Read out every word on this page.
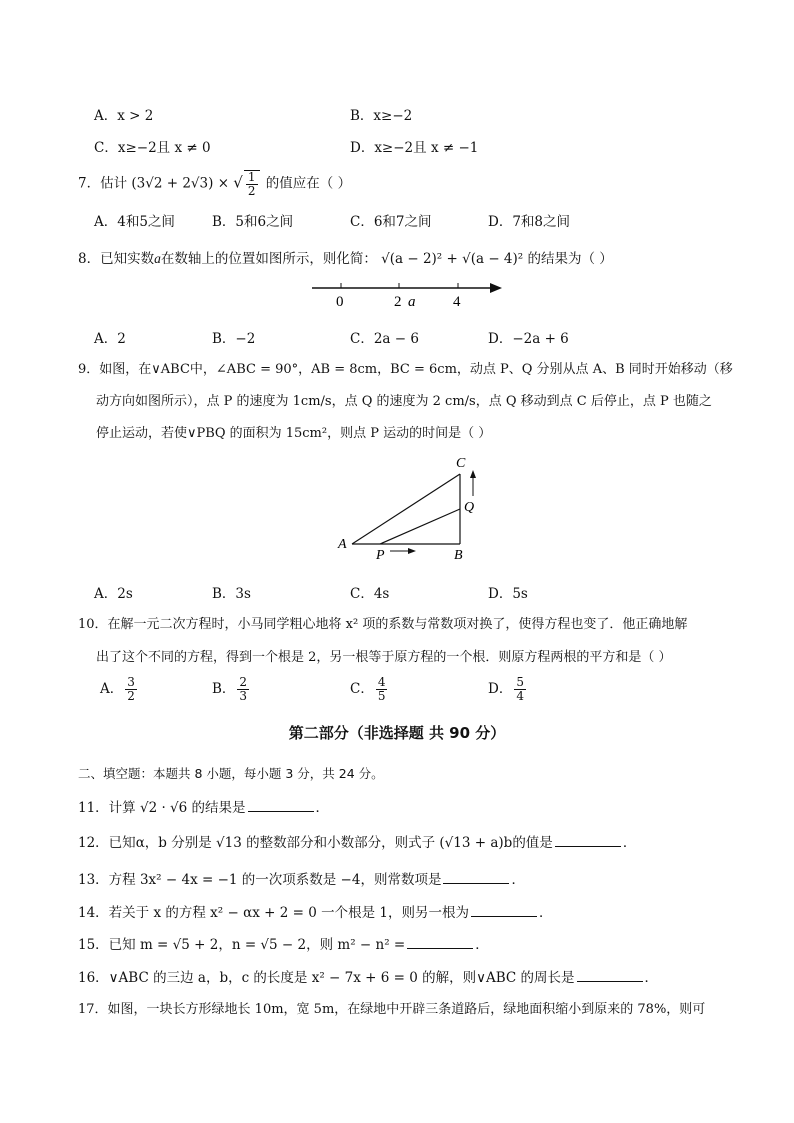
A．x > 2	B．x≥−2
C．x≥−2且 x ≠ 0	D．x≥−2且 x ≠ −1
7．估计 (3√2 + 2√3) × √ $\frac{1}{2}$ 的值应在（ ）
A．4和5之间	B．5和6之间	C．6和7之间	D．7和8之间
8．已知实数a在数轴上的位置如图所示，则化简： √(a − 2)² + √(a − 4)² 的结果为（ ）
0	2 a	4
A．2	B．−2	C．2a − 6	D．−2a + 6
9．如图，在∨ABC中，∠ABC = 90°，AB = 8cm，BC = 6cm，动点 P、Q 分别从点 A、B 同时开始移动（移
动方向如图所示），点 P 的速度为 1cm/s，点 Q 的速度为 2 cm/s，点 Q 移动到点 C 后停止，点 P 也随之
停止运动，若使∨PBQ 的面积为 15cm²，则点 P 运动的时间是（ ）
A
B
C
P
Q
A．2s	B．3s	C．4s	D．5s
10．在解一元二次方程时，小马同学粗心地将 x² 项的系数与常数项对换了，使得方程也变了．他正确地解
出了这个不同的方程，得到一个根是 2，另一根等于原方程的一个根．则原方程两根的平方和是（ ）
A． $\frac{3}{2}$	B． $\frac{2}{3}$	C． $\frac{4}{5}$	D． $\frac{5}{4}$
第二部分（非选择题 共 90 分）
二、填空题：本题共 8 小题，每小题 3 分，共 24 分。
11．计算 √2 · √6 的结果是	．
12．已知α，b 分别是 √13 的整数部分和小数部分，则式子 (√13 + a)b的值是	．
13．方程 3x² − 4x = −1 的一次项系数是 −4，则常数项是	．
14．若关于 x 的方程 x² − αx + 2 = 0 一个根是 1，则另一根为	．
15．已知 m = √5 + 2，n = √5 − 2，则 m² − n² =	．
16．∨ABC 的三边 a，b，c 的长度是 x² − 7x + 6 = 0 的解，则∨ABC 的周长是	．
17．如图，一块长方形绿地长 10m，宽 5m，在绿地中开辟三条道路后，绿地面积缩小到原来的 78%，则可
